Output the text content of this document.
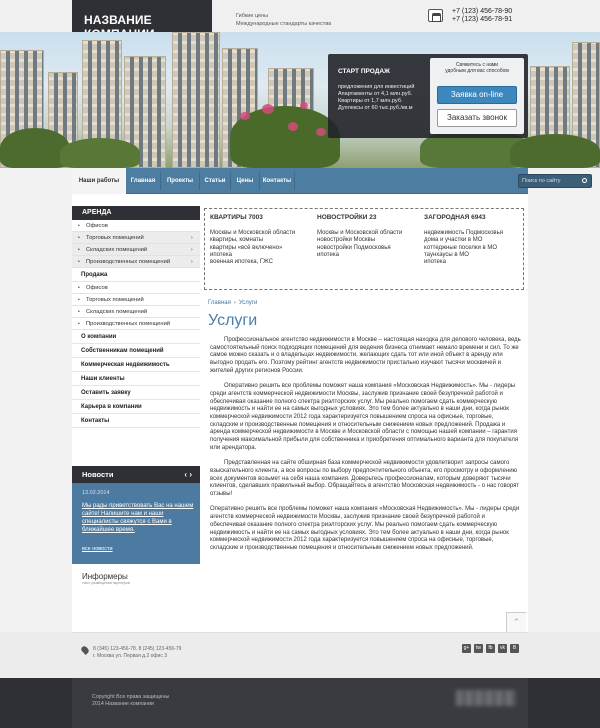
НАЗВАНИЕ	Гибкие цены
Международные стандарты качества
+7 (123) 456-78-90
+7 (123) 456-78-91
СТАРТ ПРОДАЖ
предложения для инвестиций
Апартаменты от 4,1 млн.руб.
Квартиры от 1,7 млн.руб.
Дуплексы от 60 тыс.руб./кв.м
Свяжитесь с нами
удобным для вас способом
Заявка on-line
Заказать звонок
Наши работы	Главная	Проекты	Статьи	Цены	Контакты	Поиск по сайту
АРЕНДА
• Офисов
• Торговых помещений	›
• Складских помещений	›
• Производственных помещений	›
Продажа
• Офисов
• Торговых помещений
• Складских помещений
• Производственных помещений
О компании
Собственникам помещений
Коммерческая недвижимость
Наши клиенты
Оставить заявку
Карьера в компании
Контакты
Новости	‹ ›
13.02.2014
Мы рады приветствовать Вас на нашем сайте! Напишите нам и наши специалисты свяжутся с Вами в ближайшее время.
все новости
Информеры
текст размещения партнеров
КВАРТИРЫ 7003
Москвы и Московской области
квартиры, комнаты
квартиры «всё включено»
ипотека
военная ипотека, ГЖС
НОВОСТРОЙКИ 23
Москвы и Московской области
новостройки Москвы
новостройки Подмосковья
ипотека
ЗАГОРОДНАЯ 6943
недвижимость Подмосковья
дома и участки в МО
коттеджные поселки в МО
таунхаусы в МО
ипотека
Главная › Услуги
Услуги

Профессиональное агентство недвижимости в Москве – настоящая находка для делового человека, ведь самостоятельный поиск подходящих помещений для ведения бизнеса отнимает немало времени и сил. То же самое можно сказать и о владельцах недвижимости, желающих сдать тот или иной объект в аренду или выгодно продать его. Поэтому рейтинг агентств недвижимости пристально изучают тысячи москвичей и жителей других регионов России.

Оперативно решить все проблемы поможет наша компания «Московская Недвижимость». Мы - лидеры среди агентств коммерческой недвижимости Москвы, заслужив признание своей безупречной работой и обеспечивая оказание полного спектра риэлторских услуг. Мы реально помогаем сдать коммерческую недвижимость и найти ее на самых выгодных условиях. Это тем более актуально в наши дни, когда рынок коммерческой недвижимости 2012 года характеризуется повышением спроса на офисные, торговые, складские и производственные помещения и относительным снижением новых предложений. Продажа и аренда коммерческой недвижимости в Москве и Московской области с помощью нашей компании – гарантия получения максимальной прибыли для собственника и приобретения оптимального варианта для покупателя или арендатора.

Представленная на сайте обширная база коммерческой недвижимости удовлетворит запросы самого взыскательного клиента, а все вопросы по выбору предпочтительного объекта, его просмотру и оформлению всех документов возьмет на себя наша компания. Доверьтесь профессионалам, которым доверяют тысячи клиентов, сделавших правильный выбор. Обращайтесь в агентство Московская недвижимость - о нас говорят отзывы!

Оперативно решить все проблемы поможет наша компания «Московская Недвижимость». Мы - лидеры среди агентств коммерческой недвижимости Москвы, заслужив признание своей безупречной работой и обеспечивая оказание полного спектра риэлторских услуг. Мы реально помогаем сдать коммерческую недвижимость и найти ее на самых выгодных условиях. Это тем более актуально в наши дни, когда рынок коммерческой недвижимости 2012 года характеризуется повышением спроса на офисные, торговые, складские и производственные помещения и относительным снижением новых предложений.

⌃
8 (345) 123-456-78. 8 (245) 123-456-79
г. Москва ул. Первая д.2 офис 3
g+	tw	fb	vk	B
Copyright Все права защищены
2014 Название компании
